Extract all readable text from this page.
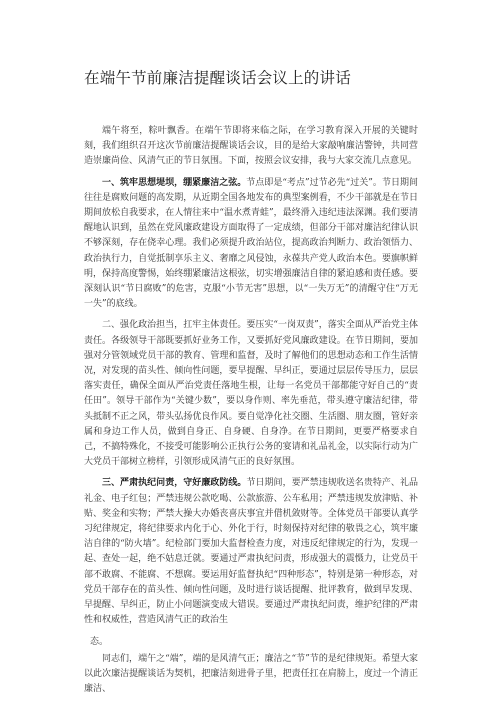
在端午节前廉洁提醒谈话会议上的讲话

端午将至，粽叶飘香。在端午节即将来临之际，在学习教育深入开展的关键时刻，我们组织召开这次节前廉洁提醒谈话会议，目的是给大家敲响廉洁警钟，共同营造崇廉尚俭、风清气正的节日氛围。下面，按照会议安排，我与大家交流几点意见。

一、筑牢思想堤坝，绷紧廉洁之弦。节点即是“考点”过节必先“过关”。节日期间往往是腐败问题的高发期，从近期全国各地发布的典型案例看，不少干部就是在节日期间放松自我要求，在人情往来中“温水煮青蛙”，最终滑入违纪违法深渊。我们要清醒地认识到，虽然在党风廉政建设方面取得了一定成绩，但部分干部对廉洁纪律认识不够深刻，存在侥幸心理。我们必须提升政治站位，提高政治判断力、政治领悟力、政治执行力，自觉抵制享乐主义、奢靡之风侵蚀，永葆共产党人政治本色。要旗帜鲜明，保持高度警惕，始终绷紧廉洁这根弦，切实增强廉洁自律的紧迫感和责任感。要深刻认识“节日腐败”的危害，克服“小节无害”思想，以“一失万无”的清醒守住“万无一失”的底线。

二、强化政治担当，扛牢主体责任。要压实“一岗双责”，落实全面从严治党主体责任。各级领导干部既要抓好业务工作，又要抓好党风廉政建设。在节日期间，要加强对分管领域党员干部的教育、管理和监督，及时了解他们的思想动态和工作生活情况，对发现的苗头性、倾向性问题，要早提醒、早纠正，要通过层层传导压力，层层落实责任，确保全面从严治党责任落地生根，让每一名党员干部都能守好自己的“责任田”。领导干部作为“关键少数”，要以身作则、率先垂范，带头遵守廉洁纪律，带头抵制不正之风，带头弘扬优良作风。要自觉净化社交圈、生活圈、朋友圈，管好亲属和身边工作人员，做到自身正、自身硬、自身净。在节日期间，更要严格要求自己，不搞特殊化，不接受可能影响公正执行公务的宴请和礼品礼金，以实际行动为广大党员干部树立榜样，引领形成风清气正的良好氛围。

三、严肃执纪问责，守好廉政防线。节日期间，要严禁违规收送名贵特产、礼品礼金、电子红包；严禁违规公款吃喝、公款旅游、公车私用；严禁违规发放津贴、补贴、奖金和实物；严禁大操大办婚丧喜庆事宜并借机敛财等。全体党员干部要认真学习纪律规定，将纪律要求内化于心、外化于行，时刻保持对纪律的敬畏之心，筑牢廉洁自律的“防火墙”。纪检部门要加大监督检查力度，对违反纪律规定的行为，发现一起、查处一起，绝不姑息迁就。要通过严肃执纪问责，形成强大的震慑力，让党员干部不敢腐、不能腐、不想腐。要运用好监督执纪“四种形态”，特别是第一种形态，对党员干部存在的苗头性、倾向性问题，及时进行谈话提醒、批评教育，做到早发现、早提醒、早纠正，防止小问题演变成大错误。要通过严肃执纪问责，维护纪律的严肃性和权威性，营造风清气正的政治生

态。

同志们，端午之“端”，端的是风清气正；廉洁之“节”节的是纪律规矩。希望大家以此次廉洁提醒谈话为契机，把廉洁刻进骨子里，把责任扛在肩膀上，度过一个清正廉洁、
